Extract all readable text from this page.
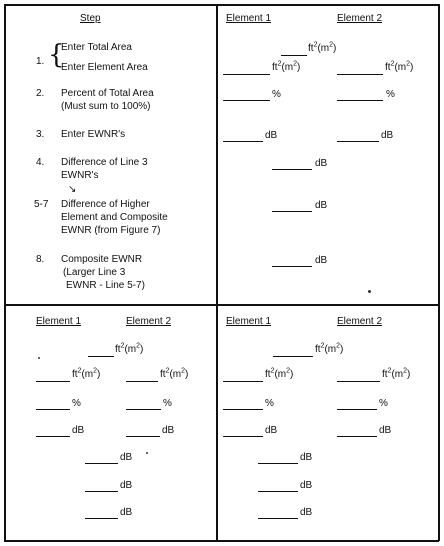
Step
1. {
Enter Total Area
Enter Element Area
2. Percent of Total Area
(Must sum to 100%)
3. Enter EWNR's
4. Difference of Line 3
EWNR's
↘
5-7 Difference of Higher
Element and Composite
EWNR (from Figure 7)
8. Composite EWNR
(Larger Line 3
EWNR - Line 5-7)
Element 1	Element 2
$ft^2(m^2)$
$ft^2(m^2)$	$ft^2(m^2)$
%	%
dB	dB
dB
dB
dB
Element 1	Element 2
$ft^2(m^2)$
$ft^2(m^2)$	$ft^2(m^2)$
%	%
dB	dB
dB
dB
dB
Element 1	Element 2
$ft^2(m^2)$
$ft^2(m^2)$	$ft^2(m^2)$
%	%
dB	dB
dB
dB
dB
